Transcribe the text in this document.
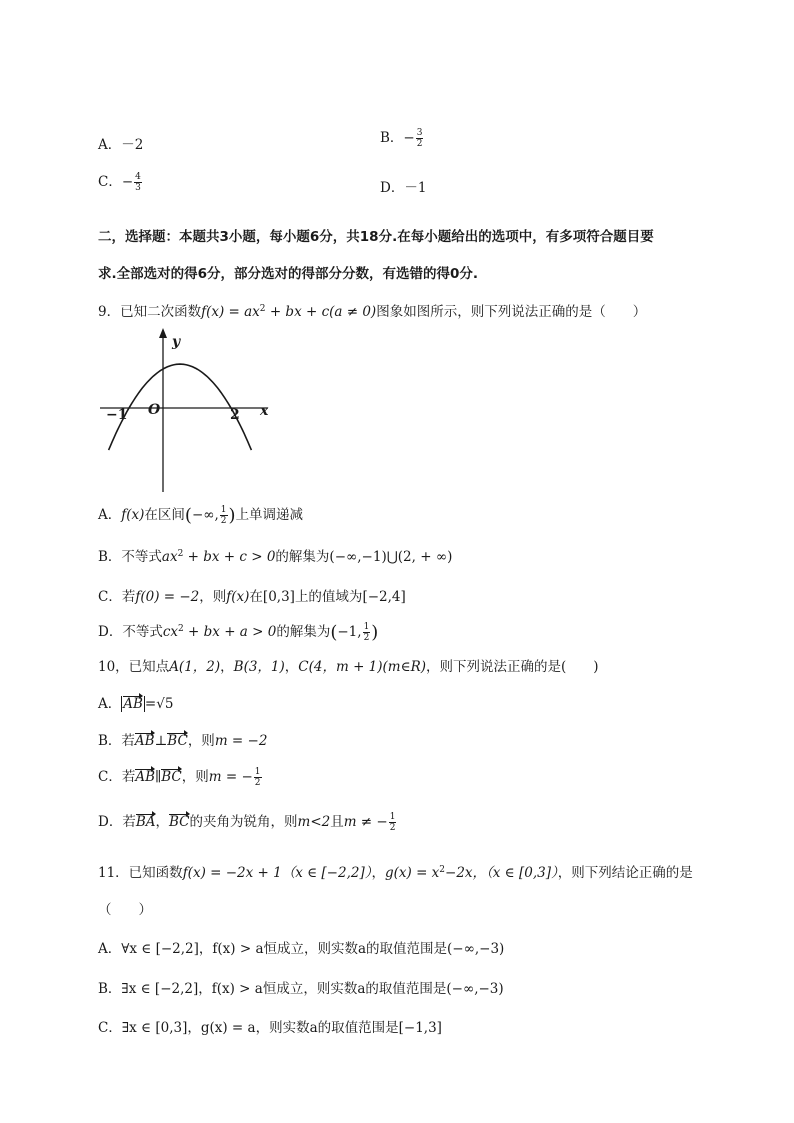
A．－2	B．− $\frac{3}{2}$
C．− $\frac{4}{3}$	D．－1
二，选择题：本题共3小题，每小题6分，共18分.在每小题给出的选项中，有多项符合题目要
求.全部选对的得6分，部分选对的得部分分数，有选错的得0分.
9．已知二次函数$f(x) = ax^2$ + bx + c(a ≠ 0)图象如图所示，则下列说法正确的是（　　）
y
x
O
−1	2
A．f(x)在区间(−∞, $\frac{1}{2}$ )上单调递减
B．不等式$ax^2$ + bx + c > 0的解集为(−∞,−1)⋃(2, + ∞)
C．若f(0) = −2，则f(x)在[0,3]上的值域为[−2,4]
D．不等式$cx^2$ + bx + a > 0的解集为(−1, $\frac{1}{2}$ )
10，已知点A(1，2)，B(3，1)，C(4，m + 1)(m∈R)，则下列说法正确的是(　　)
A． AB =√5
B．若AB⊥BC，则m = −2
C．若AB∥BC，则m = − $\frac{1}{2}$
D．若BA，BC的夹角为锐角，则m<2且m ≠ − $\frac{1}{2}$
11．已知函数f(x) = −2x + 1（x ∈ [−2,2]），$g(x) = x^2-2x$，（x ∈ [0,3]），则下列结论正确的是
（　　）
A．∀x ∈ [−2,2]，f(x) > a恒成立，则实数a的取值范围是(−∞,−3)
B．∃x ∈ [−2,2]，f(x) > a恒成立，则实数a的取值范围是(−∞,−3)
C．∃x ∈ [0,3]，g(x) = a，则实数a的取值范围是[−1,3]
